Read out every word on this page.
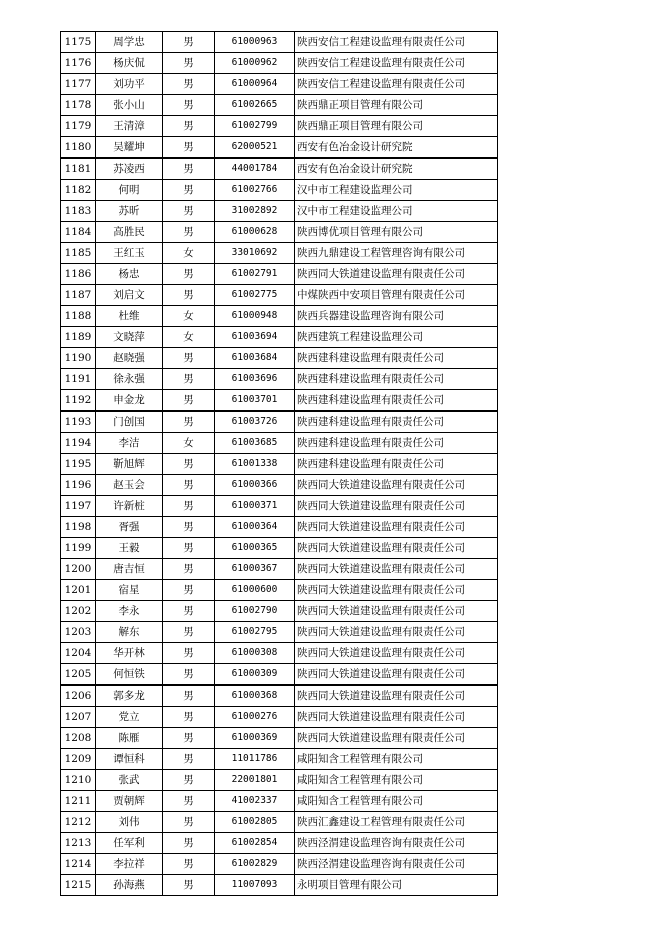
1175	周学忠	男	61000963	陕西安信工程建设监理有限责任公司
1176	杨庆侃	男	61000962	陕西安信工程建设监理有限责任公司
1177	刘功平	男	61000964	陕西安信工程建设监理有限责任公司
1178	张小山	男	61002665	陕西鼎正项目管理有限公司
1179	王清漳	男	61002799	陕西鼎正项目管理有限公司
1180	吴耀坤	男	62000521	西安有色冶金设计研究院
1181	苏凌西	男	44001784	西安有色冶金设计研究院
1182	何明	男	61002766	汉中市工程建设监理公司
1183	苏昕	男	31002892	汉中市工程建设监理公司
1184	高胜民	男	61000628	陕西博优项目管理有限公司
1185	王红玉	女	33010692	陕西九鼎建设工程管理咨询有限公司
1186	杨忠	男	61002791	陕西同大铁道建设监理有限责任公司
1187	刘启文	男	61002775	中煤陕西中安项目管理有限责任公司
1188	杜维	女	61000948	陕西兵器建设监理咨询有限公司
1189	文晓萍	女	61003694	陕西建筑工程建设监理公司
1190	赵晓强	男	61003684	陕西建科建设监理有限责任公司
1191	徐永强	男	61003696	陕西建科建设监理有限责任公司
1192	申金龙	男	61003701	陕西建科建设监理有限责任公司
1193	门创国	男	61003726	陕西建科建设监理有限责任公司
1194	李洁	女	61003685	陕西建科建设监理有限责任公司
1195	靳旭辉	男	61001338	陕西建科建设监理有限责任公司
1196	赵玉会	男	61000366	陕西同大铁道建设监理有限责任公司
1197	许新桩	男	61000371	陕西同大铁道建设监理有限责任公司
1198	胥强	男	61000364	陕西同大铁道建设监理有限责任公司
1199	王毅	男	61000365	陕西同大铁道建设监理有限责任公司
1200	唐吉恒	男	61000367	陕西同大铁道建设监理有限责任公司
1201	宿星	男	61000600	陕西同大铁道建设监理有限责任公司
1202	李永	男	61002790	陕西同大铁道建设监理有限责任公司
1203	解东	男	61002795	陕西同大铁道建设监理有限责任公司
1204	华开林	男	61000308	陕西同大铁道建设监理有限责任公司
1205	何恒铁	男	61000309	陕西同大铁道建设监理有限责任公司
1206	郭多龙	男	61000368	陕西同大铁道建设监理有限责任公司
1207	党立	男	61000276	陕西同大铁道建设监理有限责任公司
1208	陈雁	男	61000369	陕西同大铁道建设监理有限责任公司
1209	谭恒科	男	11011786	咸阳知含工程管理有限公司
1210	张武	男	22001801	咸阳知含工程管理有限公司
1211	贾朝辉	男	41002337	咸阳知含工程管理有限公司
1212	刘伟	男	61002805	陕西汇鑫建设工程管理有限责任公司
1213	任军利	男	61002854	陕西泾渭建设监理咨询有限责任公司
1214	李拉祥	男	61002829	陕西泾渭建设监理咨询有限责任公司
1215	孙海燕	男	11007093	永明项目管理有限公司
